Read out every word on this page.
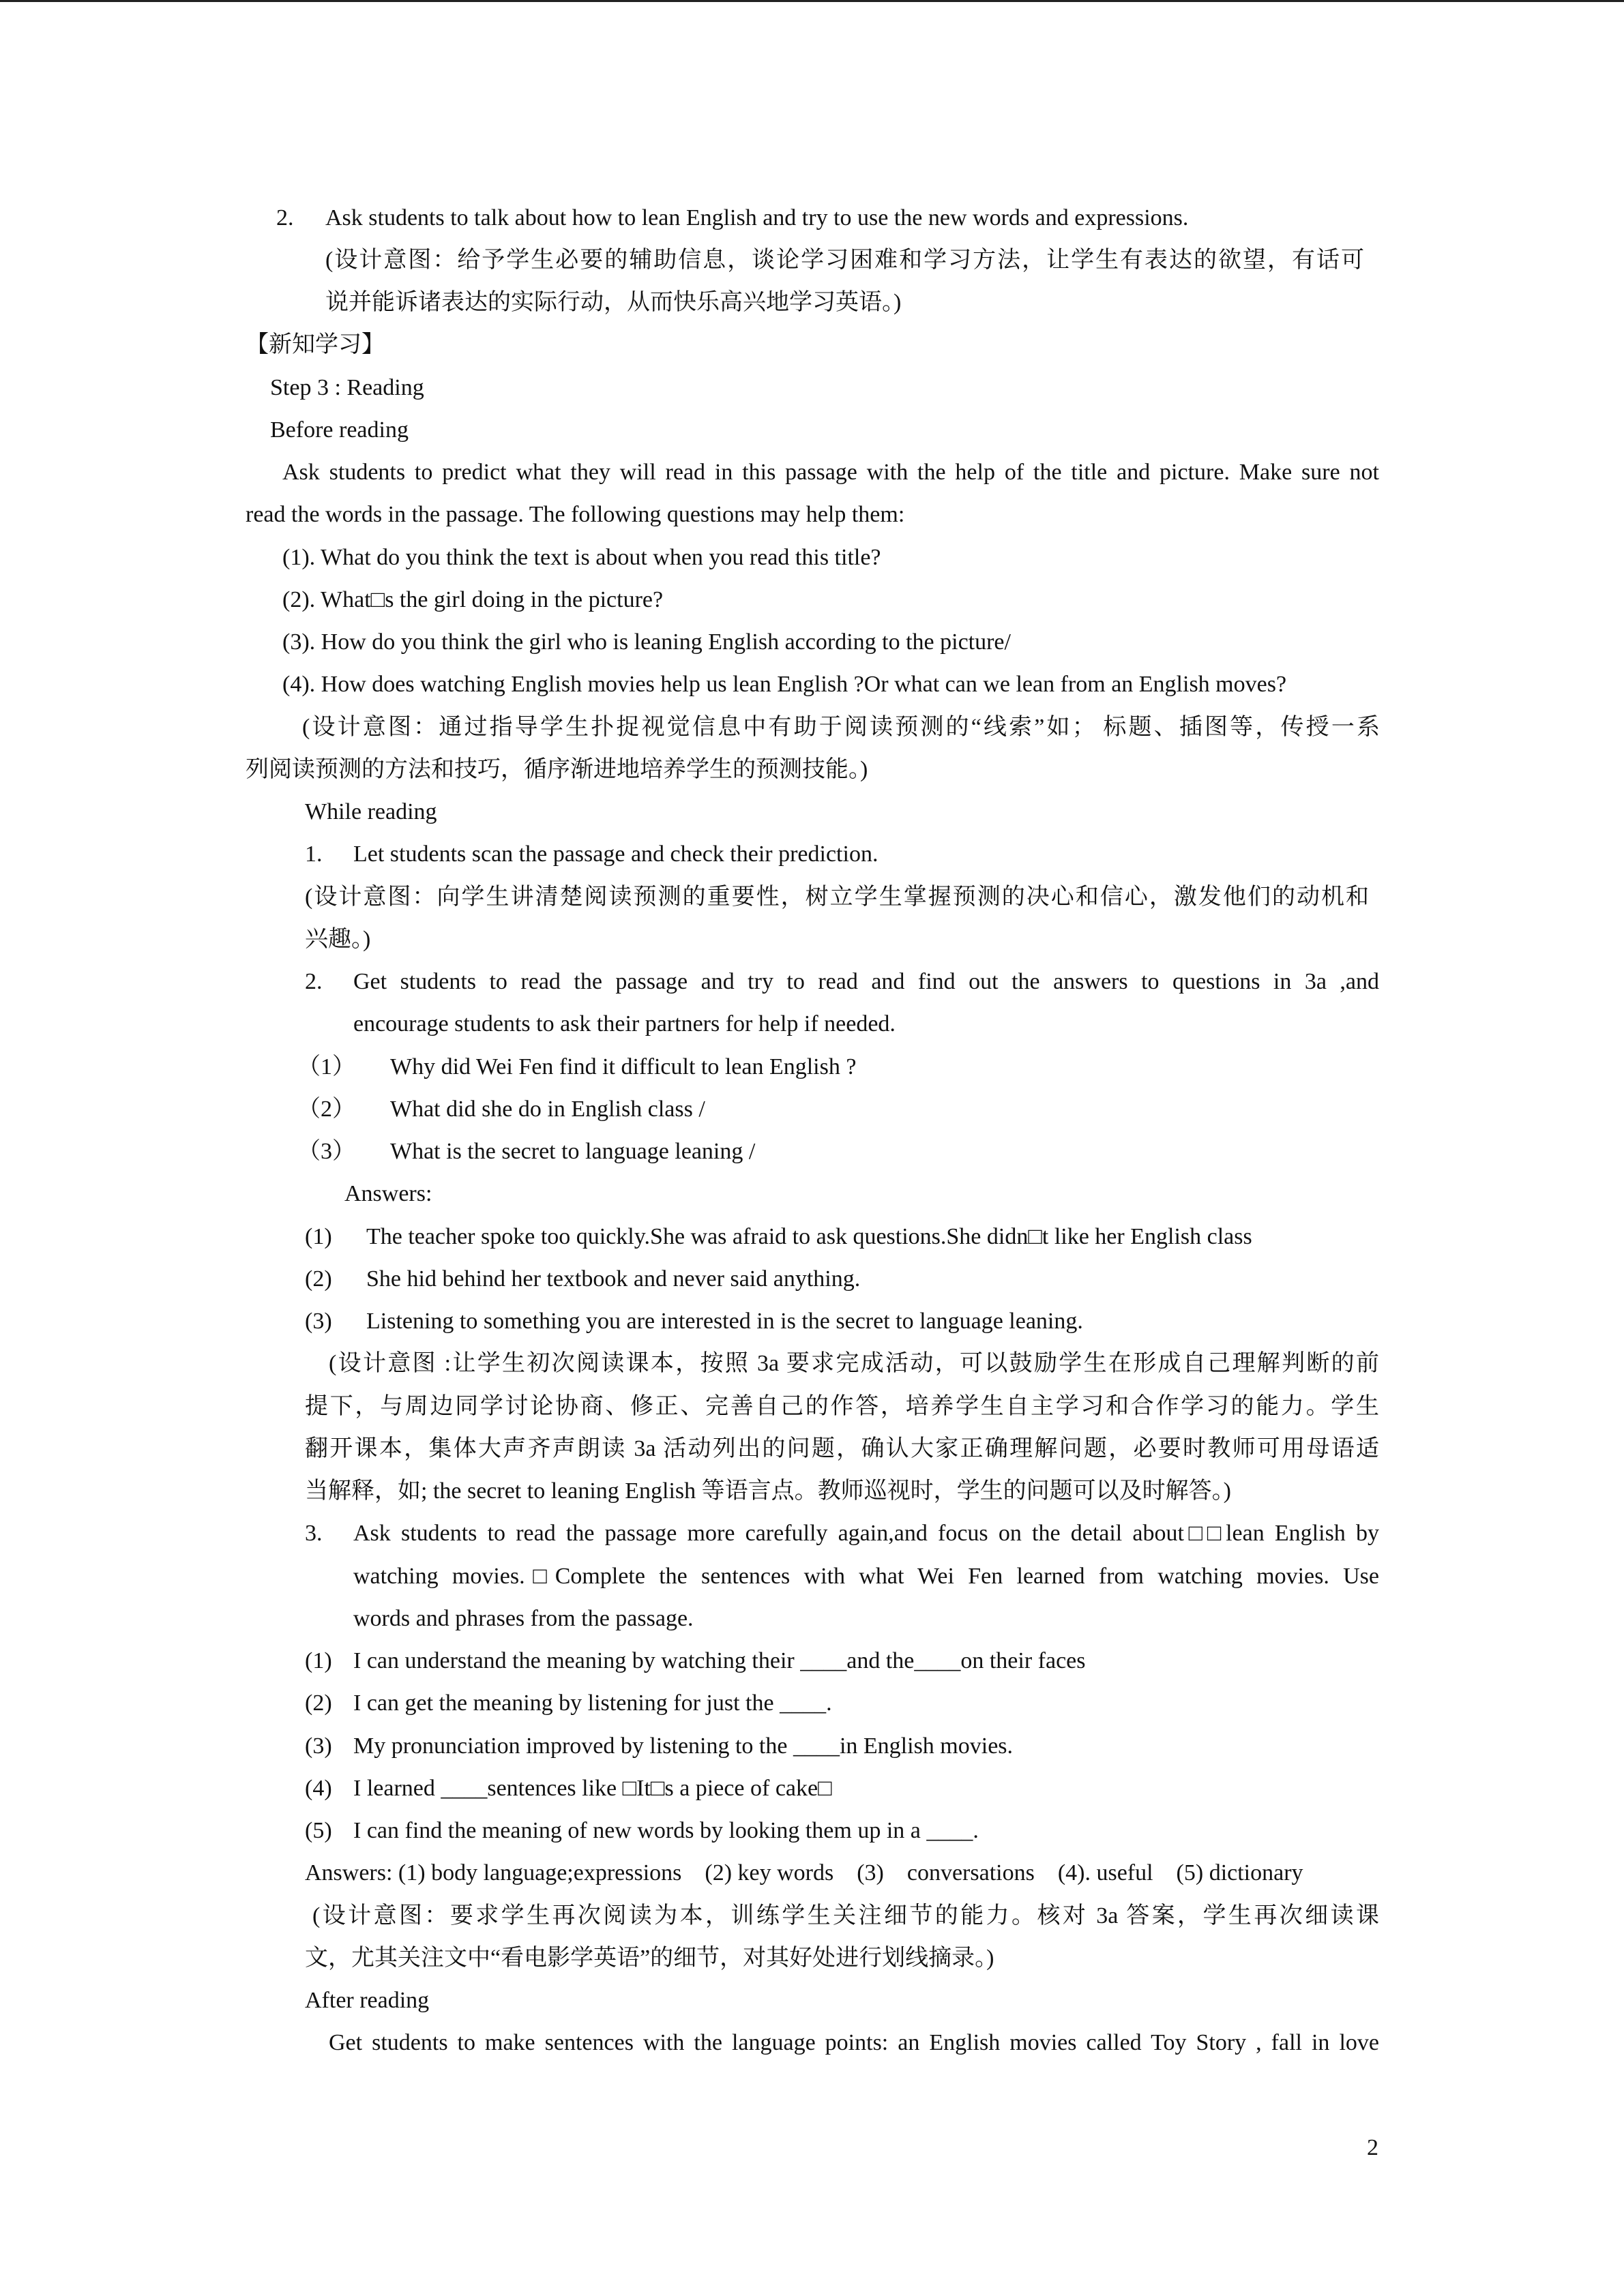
2. Ask students to talk about how to lean English and try to use the new words and expressions.
(设计意图：给予学生必要的辅助信息，谈论学习困难和学习方法，让学生有表达的欲望，有话可
说并能诉诸表达的实际行动，从而快乐高兴地学习英语。)
【新知学习】
Step 3 : Reading
Before reading
Ask students to predict what they will read in this passage with the help of the title and picture. Make sure not
read the words in the passage. The following questions may help them:
(1). What do you think the text is about when you read this title?
(2). What□s the girl doing in the picture?
(3). How do you think the girl who is leaning English according to the picture/
(4). How does watching English movies help us lean English ?Or what can we lean from an English moves?
(设计意图：通过指导学生扑捉视觉信息中有助于阅读预测的“线索”如； 标题、插图等，传授一系
列阅读预测的方法和技巧，循序渐进地培养学生的预测技能。)
While reading
1. Let students scan the passage and check their prediction.
(设计意图：向学生讲清楚阅读预测的重要性，树立学生掌握预测的决心和信心，激发他们的动机和
兴趣。)
2. Get students to read the passage and try to read and find out the answers to questions in 3a ,and
encourage students to ask their partners for help if needed.
（1） Why did Wei Fen find it difficult to lean English ?
（2） What did she do in English class /
（3） What is the secret to language leaning /
Answers:
(1) The teacher spoke too quickly.She was afraid to ask questions.She didn□t like her English class
(2) She hid behind her textbook and never said anything.
(3) Listening to something you are interested in is the secret to language leaning.
(设计意图 :让学生初次阅读课本，按照 3a 要求完成活动，可以鼓励学生在形成自己理解判断的前
提下，与周边同学讨论协商、修正、完善自己的作答，培养学生自主学习和合作学习的能力。学生
翻开课本，集体大声齐声朗读 3a 活动列出的问题，确认大家正确理解问题，必要时教师可用母语适
当解释，如; the secret to leaning English 等语言点。教师巡视时，学生的问题可以及时解答。)
3. Ask students to read the passage more carefully again,and focus on the detail about□□lean English by
watching movies.□Complete the sentences with what Wei Fen learned from watching movies. Use
words and phrases from the passage.
(1) I can understand the meaning by watching their ____and the____on their faces
(2) I can get the meaning by listening for just the ____.
(3) My pronunciation improved by listening to the ____in English movies.
(4) I learned ____sentences like □It□s a piece of cake□
(5) I can find the meaning of new words by looking them up in a ____.
Answers: (1) body language;expressions    (2) key words    (3)    conversations    (4). useful    (5) dictionary
(设计意图：要求学生再次阅读为本，训练学生关注细节的能力。核对 3a 答案，学生再次细读课
文，尤其关注文中“看电影学英语”的细节，对其好处进行划线摘录。)
After reading
Get students to make sentences with the language points: an English movies called Toy Story , fall in love
2
